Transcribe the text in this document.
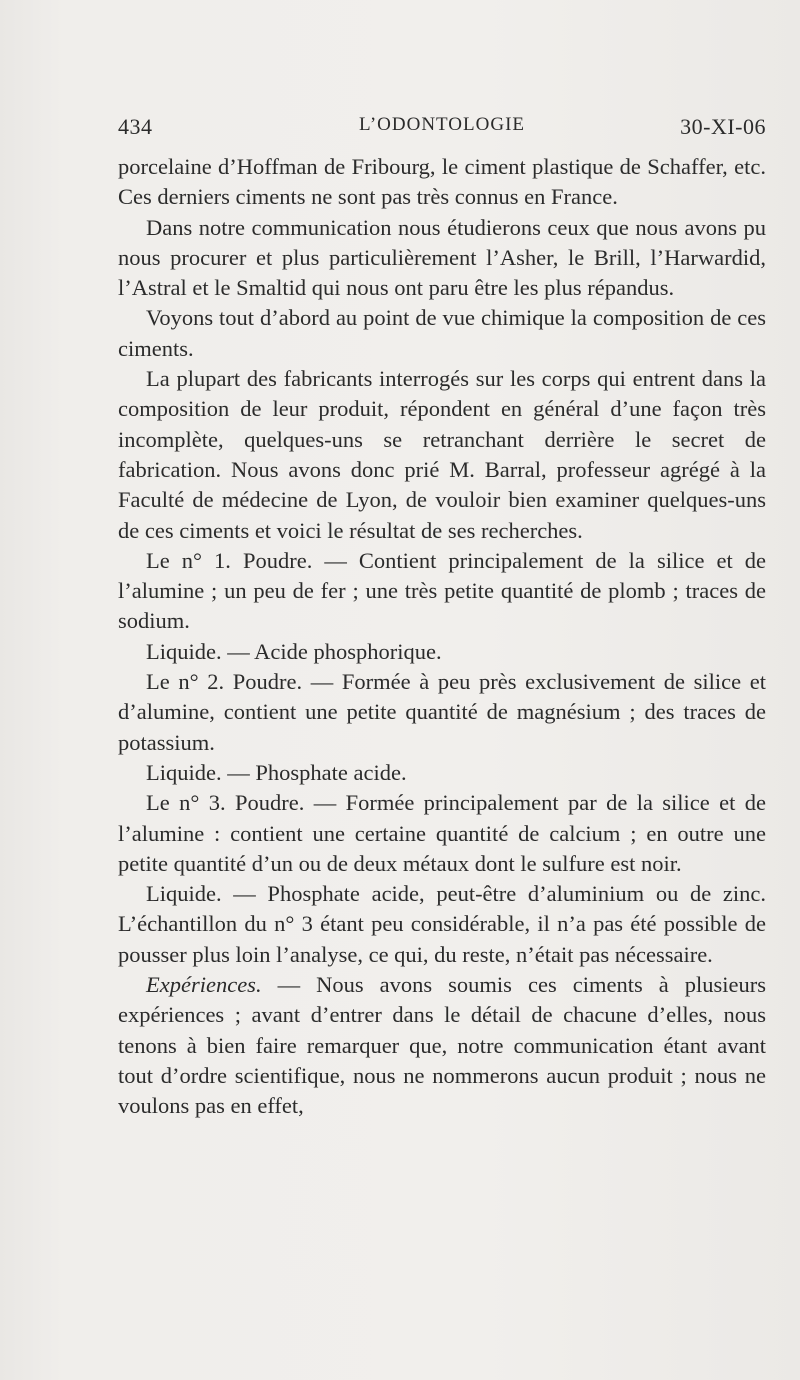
434	L’ODONTOLOGIE	30-XI-06

porcelaine d’Hoffman de Fribourg, le ciment plastique de Schaffer, etc. Ces derniers ciments ne sont pas très connus en France.

Dans notre communication nous étudierons ceux que nous avons pu nous procurer et plus particulièrement l’Asher, le Brill, l’Harwardid, l’Astral et le Smaltid qui nous ont paru être les plus répandus.

Voyons tout d’abord au point de vue chimique la composition de ces ciments.

La plupart des fabricants interrogés sur les corps qui entrent dans la composition de leur produit, répondent en général d’une façon très incomplète, quelques-uns se retranchant derrière le secret de fabrication. Nous avons donc prié M. Barral, professeur agrégé à la Faculté de médecine de Lyon, de vouloir bien examiner quelques-uns de ces ciments et voici le résultat de ses recherches.

Le n° 1. Poudre. — Contient principalement de la silice et de l’alumine ; un peu de fer ; une très petite quantité de plomb ; traces de sodium.

Liquide. — Acide phosphorique.

Le n° 2. Poudre. — Formée à peu près exclusivement de silice et d’alumine, contient une petite quantité de magnésium ; des traces de potassium.

Liquide. — Phosphate acide.

Le n° 3. Poudre. — Formée principalement par de la silice et de l’alumine : contient une certaine quantité de calcium ; en outre une petite quantité d’un ou de deux métaux dont le sulfure est noir.

Liquide. — Phosphate acide, peut-être d’aluminium ou de zinc. L’échantillon du n° 3 étant peu considérable, il n’a pas été possible de pousser plus loin l’analyse, ce qui, du reste, n’était pas nécessaire.

Expériences. — Nous avons soumis ces ciments à plusieurs expériences ; avant d’entrer dans le détail de chacune d’elles, nous tenons à bien faire remarquer que, notre communication étant avant tout d’ordre scientifique, nous ne nommerons aucun produit ; nous ne voulons pas en effet,
